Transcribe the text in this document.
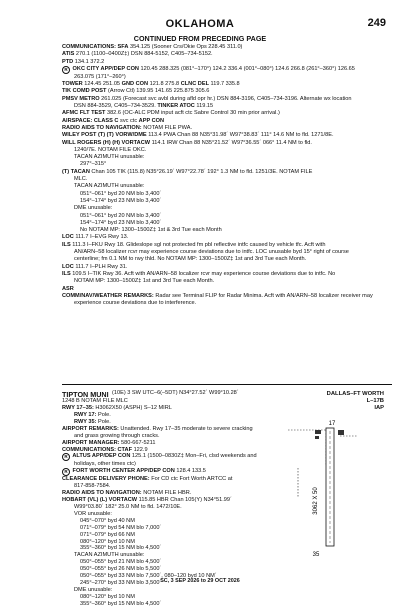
OKLAHOMA	249
CONTINUED FROM PRECEDING PAGE
COMMUNICATIONS: SFA 354.125 (Sooner Crs/Okie Ops 228.45 311.0)
ATIS 270.1 (1100–0400Z‡) DSN 884-5152, C405–734-5152.
PTD 134.1 372.2
R OKC CITY APP/DEP CON 120.45 288.325 (081°–170°) 124.2 336.4 (001°–080°) 124.6 266.8 (261°–360°) 126.65
263.075 (171°–260°)
TOWER 124.45 251.05 GND CON 121.8 275.8 CLNC DEL 119.7 335.8
TIK COMD POST (Arrow Ctl) 139.95 141.65 225.875 305.6
PMSV METRO 261.025 (Forecast svc avbl during afld opr hr.) DSN 884-3196, C405–734-3196. Alternate wx location
DSN 884-3529, C405–734-3529. TINKER ATOC 119.15
AFMC FLT TEST 382.6 (OC-ALC PDM input acft ctc Sabre Control 30 min prior arrival.)
AIRSPACE: CLASS C svc ctc APP CON
RADIO AIDS TO NAVIGATION: NOTAM FILE PWA.
WILEY POST (T) (T) VORW/DME 113.4 PWA Chan 88 N35°31.98´ W97°38.83´ 111° 14.6 NM to fld. 1271/8E.
WILL ROGERS (H) (H) VORTACW 114.1 IRW Chan 88 N35°21.52´ W97°36.55´ 066° 11.4 NM to fld.
1240/7E. NOTAM FILE OKC.
TACAN AZIMUTH unusable:
297°–315°
(T) TACAN Chan 105 TIK (115.8) N35°26.19´ W97°22.78´ 192° 1.3 NM to fld. 1251/3E. NOTAM FILE
MLC.
TACAN AZIMUTH unusable:
051°–061° byd 20 NM blo 3,400´
154°–174° byd 23 NM blo 3,400´
DME unusable:
051°–061° byd 20 NM blo 3,400´
154°–174° byd 23 NM blo 3,400´
No NOTAM MP: 1300–1500Z‡ 1st & 3rd Tue each Month
LOC 111.7 I–EVG Rwy 13.
ILS 111.3 I–FKU Rwy 18. Glideslope sgl not protected fm pbl reflective intfc caused by vehicle tfc. Acft with
AN/ARN–58 localizer rcvr may experience course deviations due to intfc. LOC unusable byd 15° right of course
centerline; fm 0.1 NM to rwy thld. No NOTAM MP: 1300–1500Z‡ 1st and 3rd Tue each Month.
LOC 111.7 I–PLH Rwy 31.
ILS 109.5 I–TIK Rwy 36. Acft with AN/ARN–58 localizer rcvr may experience course deviations due to intfc. No
NOTAM MP: 1300–1500Z‡ 1st and 3rd Tue each Month.
ASR
COMM/NAV/WEATHER REMARKS: Radar see Terminal FLIP for Radar Minima. Acft with AN/ARN–58 localizer receiver may
experience course deviations due to interference.
TIPTON MUNI (10E) 3 SW UTC–6(–5DT) N34°27.52´ W99°10.28´	DALLAS–FT WORTH
1248 B NOTAM FILE MLC	L–17B
IAP
RWY 17–35: H3062X50 (ASPH) S–12 MIRL
RWY 17: Pole.
RWY 35: Pole.
AIRPORT REMARKS: Unattended. Rwy 17–35 moderate to severe cracking
and grass growing through cracks.
AIRPORT MANAGER: 580-667-5211
COMMUNICATIONS: CTAF 122.9
R ALTUS APP/DEP CON 125.1 (1500–0830Z‡ Mon–Fri, clsd weekends and
holidays, other times ctc)
R FORT WORTH CENTER APP/DEP CON 128.4 133.5
CLEARANCE DELIVERY PHONE: For CD ctc Fort Worth ARTCC at
817-858-7584.
RADIO AIDS TO NAVIGATION: NOTAM FILE HBR.
HOBART (VL) (L) VORTACW 115.85 HBR Chan 105(Y) N34°51.99´
W99°03.80´ 182° 25.0 NM to fld. 1472/10E.
VOR unusable:
045°–070° byd 40 NM
071°–079° byd 54 NM blo 7,000´
071°–079° byd 66 NM
080°–120° byd 10 NM
355°–360° byd 15 NM blo 4,500´
TACAN AZIMUTH unusable:
050°–055° byd 21 NM blo 4,500´
050°–055° byd 26 NM blo 5,500´
050°–055° byd 33 NM blo 7,500´, 080–120 byd 10 NM´
245°–270° byd 33 NM blo 3,500´
DME unusable:
080°–120° byd 10 NM
355°–360° byd 15 NM blo 4,500´
17
3062 X 50
35
SC, 3 SEP 2026 to 29 OCT 2026
